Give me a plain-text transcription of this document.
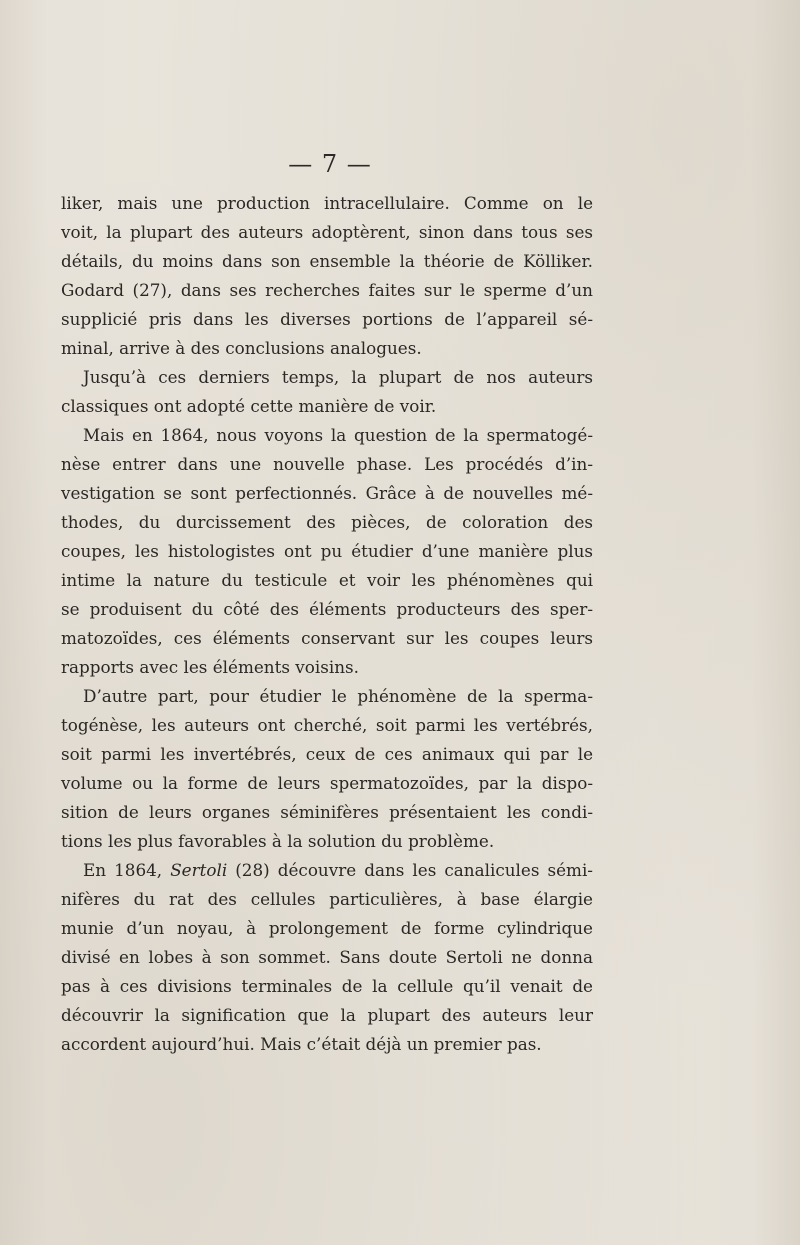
— 7 —
liker, mais une production intracellulaire. Comme on le
voit, la plupart des auteurs adoptèrent, sinon dans tous ses
détails, du moins dans son ensemble la théorie de Kölliker.
Godard (27), dans ses recherches faites sur le sperme d’un
supplicié pris dans les diverses portions de l’appareil sé-
minal, arrive à des conclusions analogues.
Jusqu’à ces derniers temps, la plupart de nos auteurs
classiques ont adopté cette manière de voir.
Mais en 1864, nous voyons la question de la spermatogé-
nèse entrer dans une nouvelle phase. Les procédés d’in-
vestigation se sont perfectionnés. Grâce à de nouvelles mé-
thodes, du durcissement des pièces, de coloration des
coupes, les histologistes ont pu étudier d’une manière plus
intime la nature du testicule et voir les phénomènes qui
se produisent du côté des éléments producteurs des sper-
matozoïdes, ces éléments conservant sur les coupes leurs
rapports avec les éléments voisins.
D’autre part, pour étudier le phénomène de la sperma-
togénèse, les auteurs ont cherché, soit parmi les vertébrés,
soit parmi les invertébrés, ceux de ces animaux qui par le
volume ou la forme de leurs spermatozoïdes, par la dispo-
sition de leurs organes séminifères présentaient les condi-
tions les plus favorables à la solution du problème.
En 1864, Sertoli (28) découvre dans les canalicules sémi-
nifères du rat des cellules particulières, à base élargie
munie d’un noyau, à prolongement de forme cylindrique
divisé en lobes à son sommet. Sans doute Sertoli ne donna
pas à ces divisions terminales de la cellule qu’il venait de
découvrir la signification que la plupart des auteurs leur
accordent aujourd’hui. Mais c’était déjà un premier pas.
